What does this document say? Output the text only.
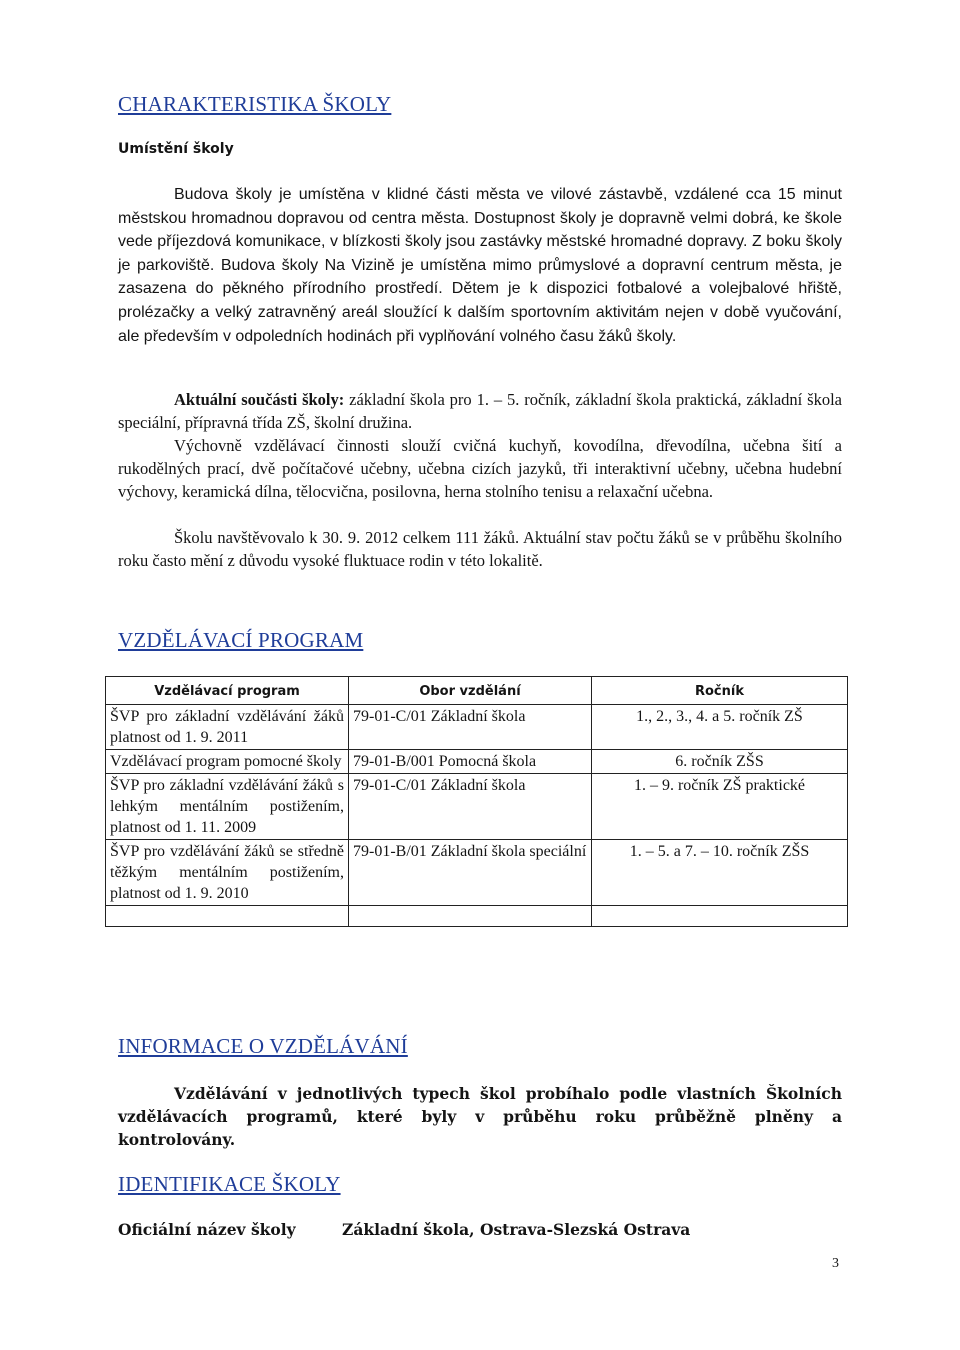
CHARAKTERISTIKA ŠKOLY
Umístění školy

Budova školy je umístěna v klidné části města ve vilové zástavbě, vzdálené cca 15 minut městskou hromadnou dopravou od centra města. Dostupnost školy je dopravně velmi dobrá, ke škole vede příjezdová komunikace, v blízkosti školy jsou zastávky městské hromadné dopravy. Z boku školy je parkoviště. Budova školy Na Vizině je umístěna mimo průmyslové a dopravní centrum města, je zasazena do pěkného přírodního prostředí. Dětem je k dispozici fotbalové a volejbalové hřiště, prolézačky a velký zatravněný areál sloužící k dalším sportovním aktivitám nejen v době vyučování, ale především v odpoledních hodinách při vyplňování volného času žáků školy.

Aktuální součásti školy: základní škola pro 1. – 5. ročník, základní škola praktická, základní škola speciální, přípravná třída ZŠ, školní družina.

Výchovně vzdělávací činnosti slouží cvičná kuchyň, kovodílna, dřevodílna, učebna šití a rukodělných prací, dvě počítačové učebny, učebna cizích jazyků, tři interaktivní učebny, učebna hudební výchovy, keramická dílna, tělocvična, posilovna, herna stolního tenisu a relaxační učebna.

Školu navštěvovalo k 30. 9. 2012 celkem 111 žáků. Aktuální stav počtu žáků se v průběhu školního roku často mění z důvodu vysoké fluktuace rodin v této lokalitě.

VZDĚLÁVACÍ PROGRAM
Vzdělávací program	Obor vzdělání	Ročník
ŠVP pro základní vzdělávání žáků platnost od 1. 9. 2011	79-01-C/01 Základní škola	1., 2., 3., 4. a 5. ročník ZŠ
Vzdělávací program pomocné školy	79-01-B/001 Pomocná škola	6. ročník ZŠS
ŠVP pro základní vzdělávání žáků s lehkým mentálním postižením, platnost od 1. 11. 2009	79-01-C/01 Základní škola	1. – 9. ročník ZŠ praktické
ŠVP pro vzdělávání žáků se středně těžkým mentálním postižením, platnost od 1. 9. 2010	79-01-B/01 Základní škola speciální	1. – 5. a 7. – 10. ročník ZŠS

INFORMACE O VZDĚLÁVÁNÍ

Vzdělávání v jednotlivých typech škol probíhalo podle vlastních Školních vzdělávacích programů, které byly v průběhu roku průběžně plněny a kontrolovány.

IDENTIFIKACE ŠKOLY

Oficiální název školy	Základní škola, Ostrava-Slezská Ostrava

3
